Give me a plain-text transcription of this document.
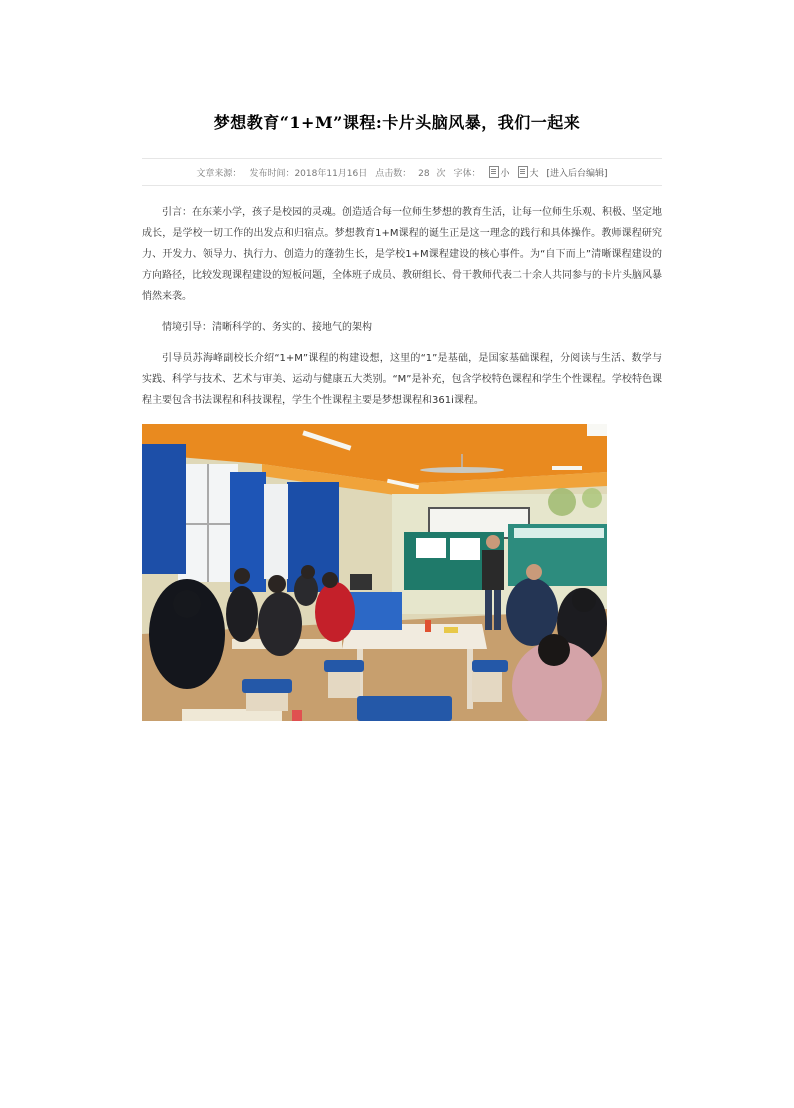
梦想教育“1+M”课程:卡片头脑风暴，我们一起来
文章来源： 发布时间：2018年11月16日 点击数： 28 次 字体：	小	大 [进入后台编辑]

引言：在东莱小学，孩子是校园的灵魂。创造适合每一位师生梦想的教育生活，让每一位师生乐观、积极、坚定地成长，是学校一切工作的出发点和归宿点。梦想教育1+M课程的诞生正是这一理念的践行和具体操作。教师课程研究力、开发力、领导力、执行力、创造力的蓬勃生长，是学校1+M课程建设的核心事件。为“自下而上”清晰课程建设的方向路径，比较发现课程建设的短板问题，全体班子成员、教研组长、骨干教师代表二十余人共同参与的卡片头脑风暴悄然来袭。

情境引导：清晰科学的、务实的、接地气的架构

引导员苏海峰副校长介绍“1+M”课程的构建设想，这里的“1”是基础，是国家基础课程，分阅读与生活、数学与实践、科学与技术、艺术与审美、运动与健康五大类别。“M”是补充，包含学校特色课程和学生个性课程。学校特色课程主要包含书法课程和科技课程，学生个性课程主要是梦想课程和361i课程。
